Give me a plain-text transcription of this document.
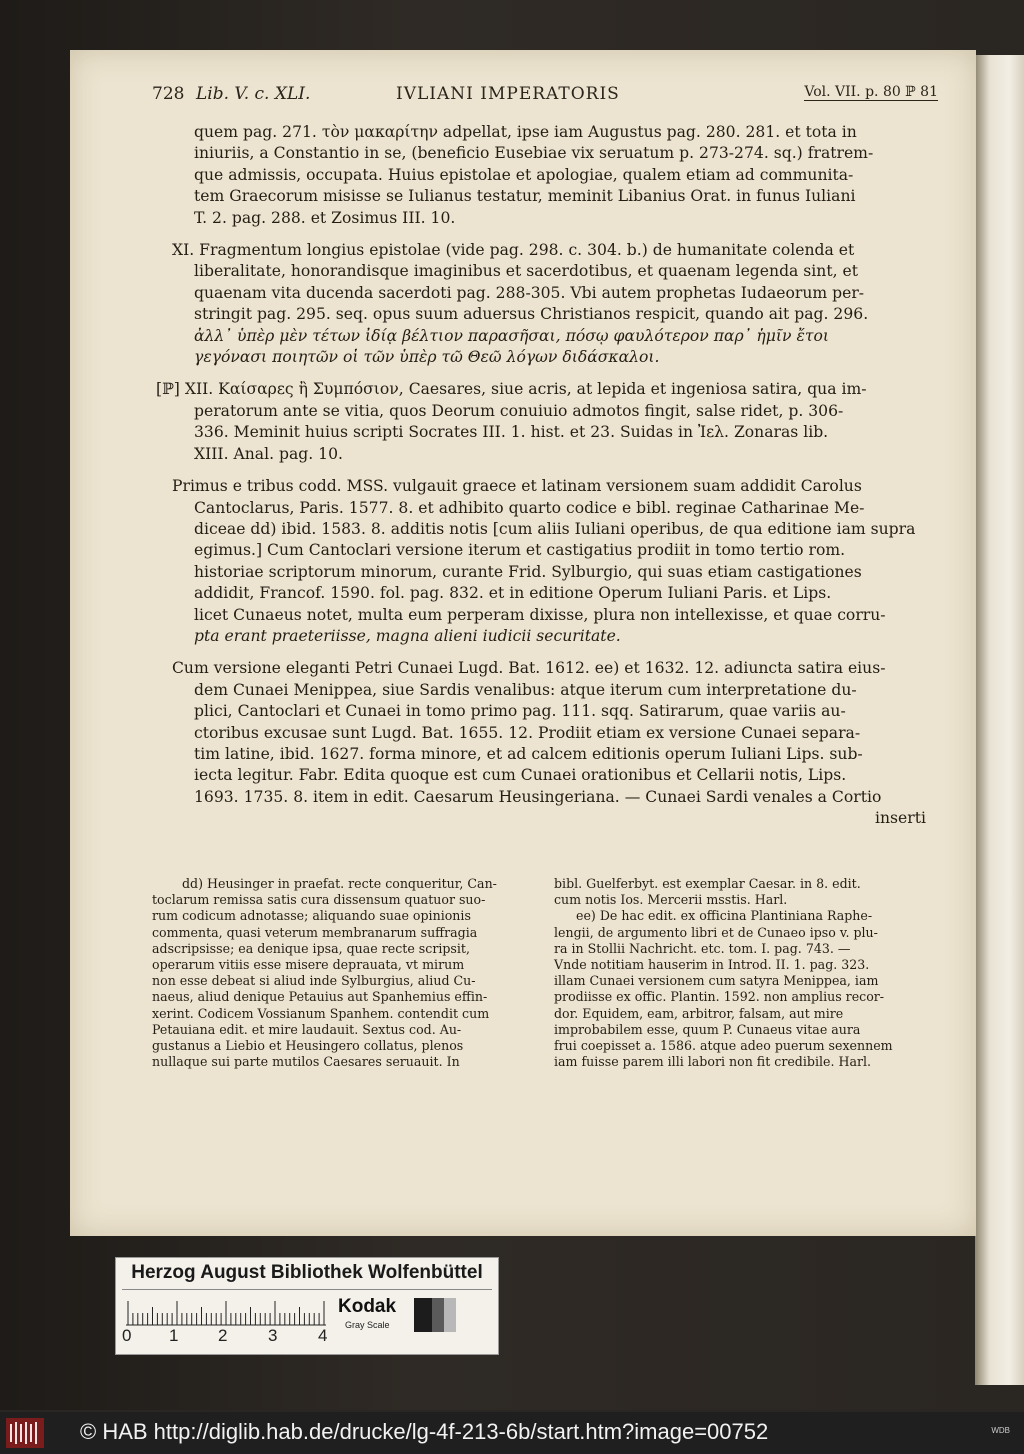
728 Lib. V. c. XLI.	IVLIANI IMPERATORIS	Vol. VII. p. 80 ℙ 81
quem pag. 271. τὸν μακαρίτην adpellat, ipse iam Augustus pag. 280. 281. et tota in
iniuriis, a Constantio in se, (beneficio Eusebiae vix seruatum p. 273-274. sq.) fratrem-
que admissis, occupata. Huius epistolae et apologiae, qualem etiam ad communita-
tem Graecorum misisse se Iulianus testatur, meminit Libanius Orat. in funus Iuliani
T. 2. pag. 288. et Zosimus III. 10.
XI. Fragmentum longius epistolae (vide pag. 298. c. 304. b.) de humanitate colenda et
liberalitate, honorandisque imaginibus et sacerdotibus, et quaenam legenda sint, et
quaenam vita ducenda sacerdoti pag. 288-305. Vbi autem prophetas Iudaeorum per-
stringit pag. 295. seq. opus suum aduersus Christianos respicit, quando ait pag. 296.
ἀλλ᾽ ὑπὲρ μὲν τέτων ἰδίᾳ βέλτιον παρασῆσαι, πόσῳ φαυλότερον παρ᾽ ἡμῖν ἔτοι
γεγόνασι ποιητῶν οἱ τῶν ὑπὲρ τῶ Θεῶ λόγων διδάσκαλοι.
[ℙ] XII. Καίσαρες ἢ Συμπόσιον, Caesares, siue acris, at lepida et ingeniosa satira, qua im-
peratorum ante se vitia, quos Deorum conuiuio admotos fingit, salse ridet, p. 306-
336. Meminit huius scripti Socrates III. 1. hist. et 23. Suidas in Ἰελ. Zonaras lib.
XIII. Anal. pag. 10.
Primus e tribus codd. MSS. vulgauit graece et latinam versionem suam addidit Carolus
Cantoclarus, Paris. 1577. 8. et adhibito quarto codice e bibl. reginae Catharinae Me-
diceae dd) ibid. 1583. 8. additis notis [cum aliis Iuliani operibus, de qua editione iam supra
egimus.] Cum Cantoclari versione iterum et castigatius prodiit in tomo tertio rom.
historiae scriptorum minorum, curante Frid. Sylburgio, qui suas etiam castigationes
addidit, Francof. 1590. fol. pag. 832. et in editione Operum Iuliani Paris. et Lips.
licet Cunaeus notet, multa eum perperam dixisse, plura non intellexisse, et quae corru-
pta erant praeteriisse, magna alieni iudicii securitate.
Cum versione eleganti Petri Cunaei Lugd. Bat. 1612. ee) et 1632. 12. adiuncta satira eius-
dem Cunaei Menippea, siue Sardis venalibus: atque iterum cum interpretatione du-
plici, Cantoclari et Cunaei in tomo primo pag. 111. sqq. Satirarum, quae variis au-
ctoribus excusae sunt Lugd. Bat. 1655. 12. Prodiit etiam ex versione Cunaei separa-
tim latine, ibid. 1627. forma minore, et ad calcem editionis operum Iuliani Lips. sub-
iecta legitur. Fabr. Edita quoque est cum Cunaei orationibus et Cellarii notis, Lips.
1693. 1735. 8. item in edit. Caesarum Heusingeriana. — Cunaei Sardi venales a Cortio
inserti
dd) Heusinger in praefat. recte conqueritur, Can-
toclarum remissa satis cura dissensum quatuor suo-
rum codicum adnotasse; aliquando suae opinionis
commenta, quasi veterum membranarum suffragia
adscripsisse; ea denique ipsa, quae recte scripsit,
operarum vitiis esse misere deprauata, vt mirum
non esse debeat si aliud inde Sylburgius, aliud Cu-
naeus, aliud denique Petauius aut Spanhemius effin-
xerint. Codicem Vossianum Spanhem. contendit cum
Petauiana edit. et mire laudauit. Sextus cod. Au-
gustanus a Liebio et Heusingero collatus, plenos
nullaque sui parte mutilos Caesares seruauit. In
bibl. Guelferbyt. est exemplar Caesar. in 8. edit.
cum notis Ios. Mercerii msstis. Harl.
ee) De hac edit. ex officina Plantiniana Raphe-
lengii, de argumento libri et de Cunaeo ipso v. plu-
ra in Stollii Nachricht. etc. tom. I. pag. 743. —
Vnde notitiam hauserim in Introd. II. 1. pag. 323.
illam Cunaei versionem cum satyra Menippea, iam
prodiisse ex offic. Plantin. 1592. non amplius recor-
dor. Equidem, eam, arbitror, falsam, aut mire
improbabilem esse, quum P. Cunaeus vitae aura
frui coepisset a. 1586. atque adeo puerum sexennem
iam fuisse parem illi labori non fit credibile. Harl.
Herzog August Bibliothek Wolfenbüttel
0 1 2 3 4
Kodak
Gray Scale
© HAB http://diglib.hab.de/drucke/lg-4f-213-6b/start.htm?image=00752	WDB
